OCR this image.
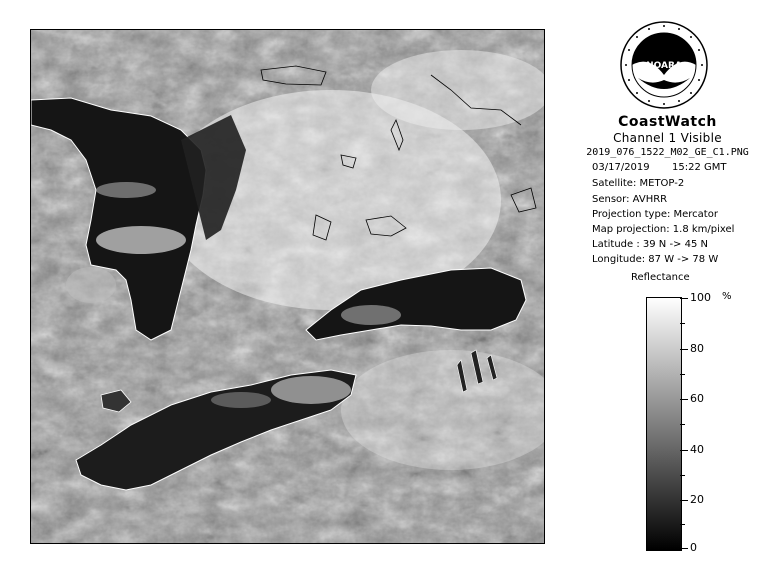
NOARA
CoastWatch
Channel 1 Visible
2019_076_1522_M02_GE_C1.PNG
03/17/2019 15:22 GMT
Satellite: METOP-2
Sensor: AVHRR
Projection type: Mercator
Map projection: 1.8 km/pixel
Latitude : 39 N -> 45 N
Longitude: 87 W -> 78 W
Reflectance
%
100
80
60
40
20
0
